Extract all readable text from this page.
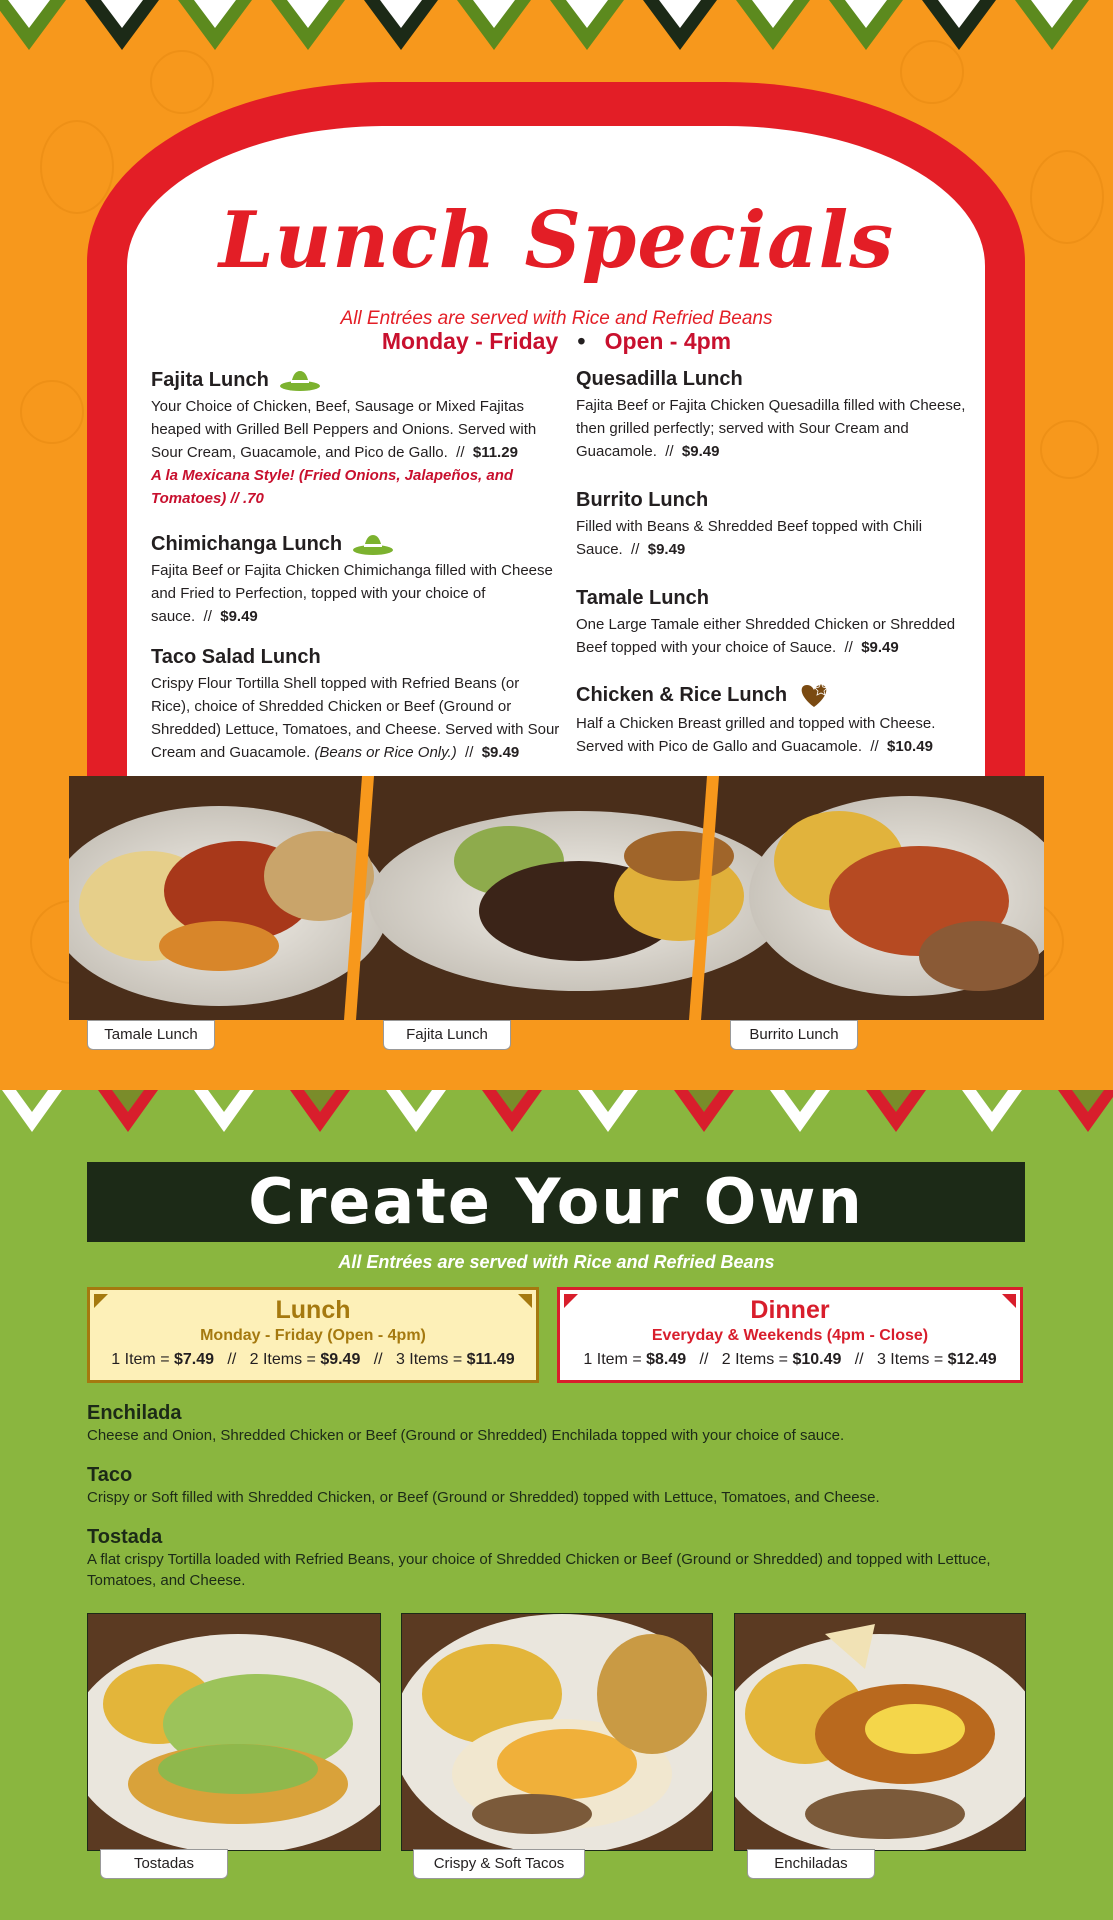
Lunch Specials
All Entrées are served with Rice and Refried Beans
Monday - Friday • Open - 4pm
Fajita Lunch
Your Choice of Chicken, Beef, Sausage or Mixed Fajitas heaped with Grilled Bell Peppers and Onions. Served with Sour Cream, Guacamole, and Pico de Gallo. // $11.29
A la Mexicana Style! (Fried Onions, Jalapeños, and Tomatoes) // .70
Chimichanga Lunch
Fajita Beef or Fajita Chicken Chimichanga filled with Cheese and Fried to Perfection, topped with your choice of sauce. // $9.49
Taco Salad Lunch
Crispy Flour Tortilla Shell topped with Refried Beans (or Rice), choice of Shredded Chicken or Beef (Ground or Shredded) Lettuce, Tomatoes, and Cheese. Served with Sour Cream and Guacamole. (Beans or Rice Only.) // $9.49
Quesadilla Lunch
Fajita Beef or Fajita Chicken Quesadilla filled with Cheese, then grilled perfectly; served with Sour Cream and Guacamole. // $9.49
Burrito Lunch
Filled with Beans & Shredded Beef topped with Chili Sauce. // $9.49
Tamale Lunch
One Large Tamale either Shredded Chicken or Shredded Beef topped with your choice of Sauce. // $9.49
Chicken & Rice Lunch
Half a Chicken Breast grilled and topped with Cheese. Served with Pico de Gallo and Guacamole. // $10.49
Tamale Lunch	Fajita Lunch	Burrito Lunch
Create Your Own
All Entrées are served with Rice and Refried Beans
Lunch
Monday - Friday (Open - 4pm)
1 Item = $7.49 // 2 Items = $9.49 // 3 Items = $11.49
Dinner
Everyday & Weekends (4pm - Close)
1 Item = $8.49 // 2 Items = $10.49 // 3 Items = $12.49
Enchilada
Cheese and Onion, Shredded Chicken or Beef (Ground or Shredded) Enchilada topped with your choice of sauce.
Taco
Crispy or Soft filled with Shredded Chicken, or Beef (Ground or Shredded) topped with Lettuce, Tomatoes, and Cheese.
Tostada
A flat crispy Tortilla loaded with Refried Beans, your choice of Shredded Chicken or Beef (Ground or Shredded) and topped with Lettuce, Tomatoes, and Cheese.
Tostadas	Crispy & Soft Tacos	Enchiladas
